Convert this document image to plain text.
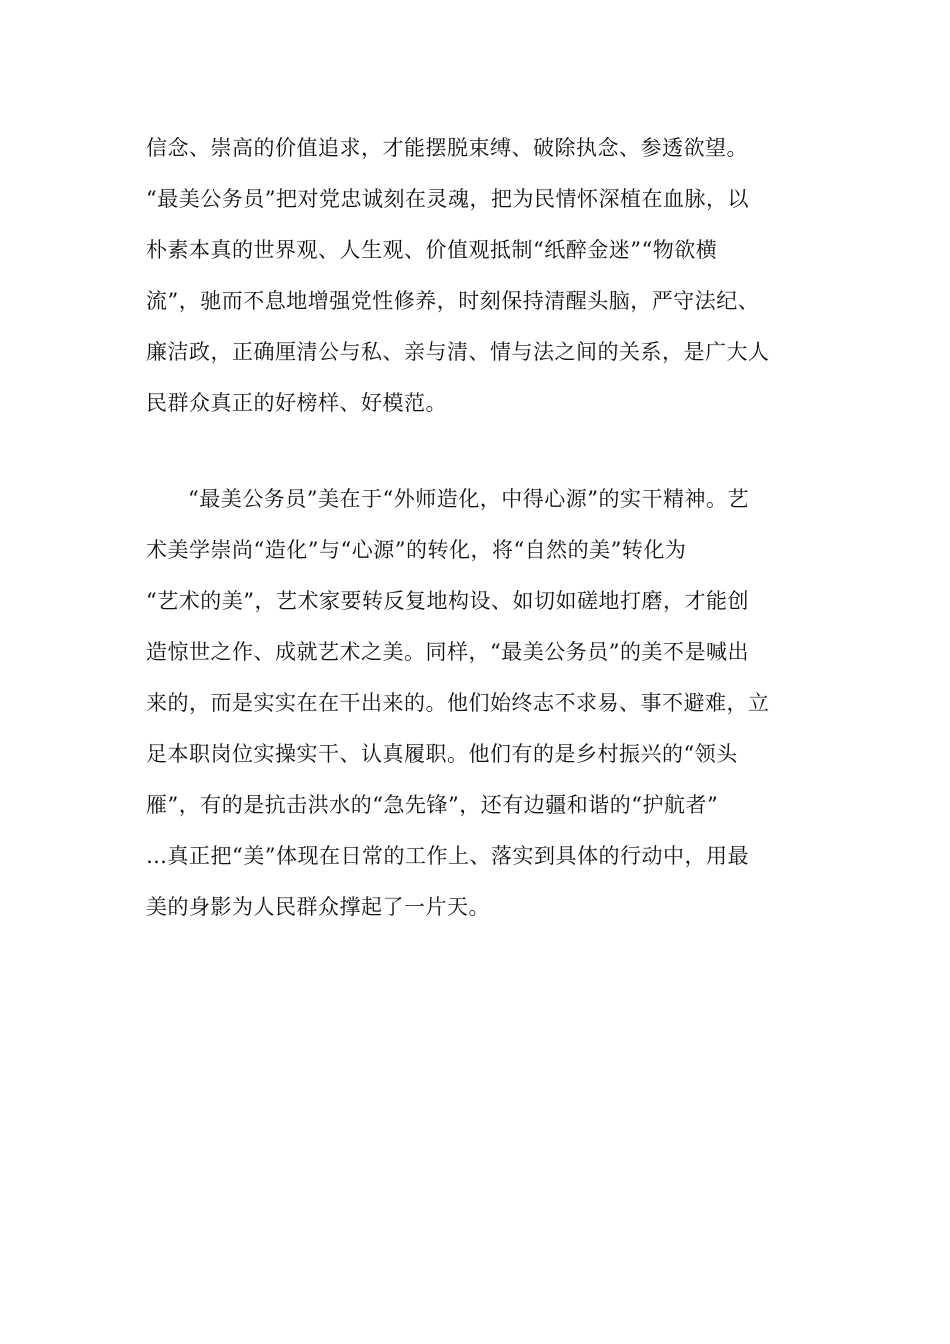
信念、崇高的价值追求，才能摆脱束缚、破除执念、参透欲望。
“最美公务员”把对党忠诚刻在灵魂，把为民情怀深植在血脉，以
朴素本真的世界观、人生观、价值观抵制“纸醉金迷”“物欲横
流”，驰而不息地增强党性修养，时刻保持清醒头脑，严守法纪、
廉洁政，正确厘清公与私、亲与清、情与法之间的关系，是广大人
民群众真正的好榜样、好模范。
“最美公务员”美在于“外师造化，中得心源”的实干精神。艺
术美学崇尚“造化”与“心源”的转化，将“自然的美”转化为
“艺术的美”，艺术家要转反复地构设、如切如磋地打磨，才能创
造惊世之作、成就艺术之美。同样，“最美公务员”的美不是喊出
来的，而是实实在在干出来的。他们始终志不求易、事不避难，立
足本职岗位实操实干、认真履职。他们有的是乡村振兴的“领头
雁”，有的是抗击洪水的“急先锋”，还有边疆和谐的“护航者”
…真正把“美”体现在日常的工作上、落实到具体的行动中，用最
美的身影为人民群众撑起了一片天。
